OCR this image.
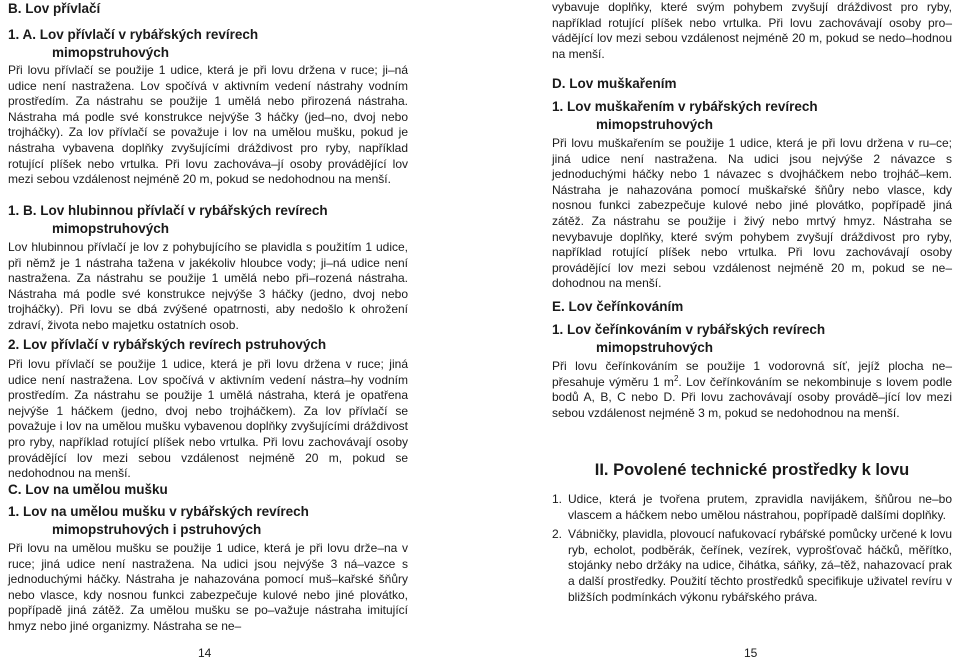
B. Lov přívlačí

1. A. Lov přívlačí v rybářských revírech

mimopstruhových

Při lovu přívlačí se použije 1 udice, která je při lovu držena v ruce; ji–ná udice není nastražena. Lov spočívá v aktivním vedení nástrahy vodním prostředím. Za nástrahu se použije 1 umělá nebo přirozená nástraha. Nástraha má podle své konstrukce nejvýše 3 háčky (jed–no, dvoj nebo trojháčky). Za lov přívlačí se považuje i lov na umělou mušku, pokud je nástraha vybavena doplňky zvyšujícími dráždivost pro ryby, například rotující plíšek nebo vrtulka. Při lovu zachováva–jí osoby provádějící lov mezi sebou vzdálenost nejméně 20 m, pokud se nedohodnou na menší.

1. B. Lov hlubinnou přívlačí v rybářských revírech

mimopstruhových

Lov hlubinnou přívlačí je lov z pohybujícího se plavidla s použitím 1 udice, při němž je 1 nástraha tažena v jakékoliv hloubce vody; ji–ná udice není nastražena. Za nástrahu se použije 1 umělá nebo při–rozená nástraha. Nástraha má podle své konstrukce nejvýše 3 háčky (jedno, dvoj nebo trojháčky). Při lovu se dbá zvýšené opatrnosti, aby nedošlo k ohrožení zdraví, života nebo majetku ostatních osob.

2. Lov přívlačí v rybářských revírech pstruhových

Při lovu přívlačí se použije 1 udice, která je při lovu držena v ruce; jiná udice není nastražena. Lov spočívá v aktivním vedení nástra–hy vodním prostředím. Za nástrahu se použije 1 umělá nástraha, která je opatřena nejvýše 1 háčkem (jedno, dvoj nebo trojháčkem). Za lov přívlačí se považuje i lov na umělou mušku vybavenou doplňky zvyšujícími dráždivost pro ryby, například rotující plíšek nebo vrtulka. Při lovu zachovávají osoby provádějící lov mezi sebou vzdálenost nejméně 20 m, pokud se nedohodnou na menší.

C. Lov na umělou mušku

1. Lov na umělou mušku v rybářských revírech

mimopstruhových i pstruhových

Při lovu na umělou mušku se použije 1 udice, která je při lovu drže–na v ruce; jiná udice není nastražena. Na udici jsou nejvýše 3 ná–vazce s jednoduchými háčky. Nástraha je nahazována pomocí muš–kařské šňůry nebo vlasce, kdy nosnou funkci zabezpečuje kulové nebo jiné plovátko, popřípadě jiná zátěž. Za umělou mušku se po–važuje nástraha imitující hmyz nebo jiné organizmy. Nástraha se ne–

14

vybavuje doplňky, které svým pohybem zvyšují dráždivost pro ryby, například rotující plíšek nebo vrtulka. Při lovu zachovávají osoby pro–vádějící lov mezi sebou vzdálenost nejméně 20 m, pokud se nedo–hodnou na menší.

D. Lov muškařením

1. Lov muškařením v rybářských revírech

mimopstruhových

Při lovu muškařením se použije 1 udice, která je při lovu držena v ru–ce; jiná udice není nastražena. Na udici jsou nejvýše 2 návazce s jednoduchými háčky nebo 1 návazec s dvojháčkem nebo trojháč–kem. Nástraha je nahazována pomocí muškařské šňůry nebo vlasce, kdy nosnou funkci zabezpečuje kulové nebo jiné plovátko, popřípadě jiná zátěž. Za nástrahu se použije i živý nebo mrtvý hmyz. Nástraha se nevybavuje doplňky, které svým pohybem zvyšují dráždivost pro ryby, například rotující plíšek nebo vrtulka. Při lovu zachovávají osoby provádějící lov mezi sebou vzdálenost nejméně 20 m, pokud se ne–dohodnou na menší.

E. Lov čeřínkováním

1. Lov čeřínkováním v rybářských revírech

mimopstruhových

Při lovu čeřínkováním se použije 1 vodorovná síť, jejíž plocha ne–přesahuje výměru 1 $m^2$. Lov čeřínkováním se nekombinuje s lovem podle bodů A, B, C nebo D. Při lovu zachovávají osoby provádě–jící lov mezi sebou vzdálenost nejméně 3 m, pokud se nedohodnou na menší.

II. Povolené technické prostředky k lovu

1. Udice, která je tvořena prutem, zpravidla navijákem, šňůrou ne–bo vlascem a háčkem nebo umělou nástrahou, popřípadě dalšími doplňky.
2. Vábničky, plavidla, plovoucí nafukovací rybářské pomůcky určené k lovu ryb, echolot, podběrák, čeřínek, vezírek, vyprošťovač háčků, měřítko, stojánky nebo držáky na udice, čihátka, sáňky, zá–těž, nahazovací prak a další prostředky. Použití těchto prostředků specifikuje uživatel revíru v bližších podmínkách výkonu rybářského práva.
15
